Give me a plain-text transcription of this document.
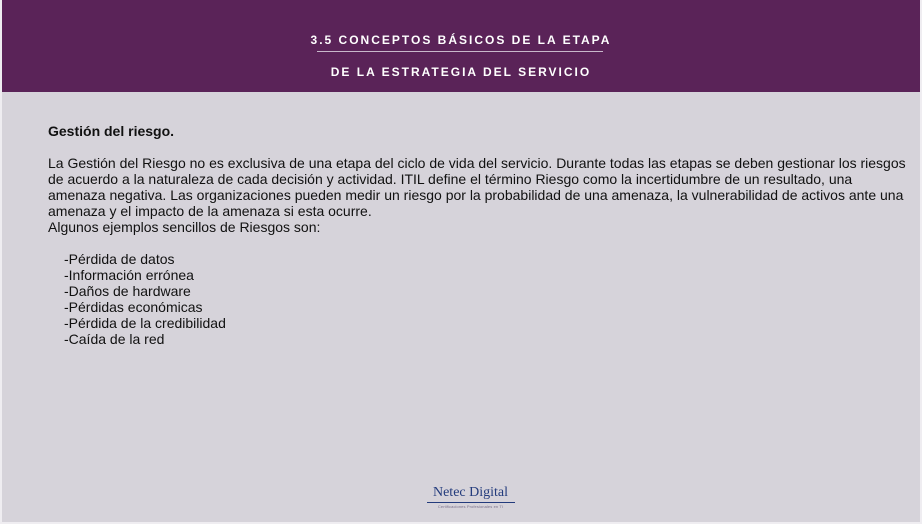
3.5 CONCEPTOS BÁSICOS DE LA ETAPA
DE LA ESTRATEGIA DEL SERVICIO
Gestión del riesgo.

La Gestión del Riesgo no es exclusiva de una etapa del ciclo de vida del servicio. Durante todas las etapas se deben gestionar los riesgos de acuerdo a la naturaleza de cada decisión y actividad. ITIL define el término Riesgo como la incertidumbre de un resultado, una amenaza negativa. Las organizaciones pueden medir un riesgo por la probabilidad de una amenaza, la vulnerabilidad de activos ante una amenaza y el impacto de la amenaza si esta ocurre.

Algunos ejemplos sencillos de Riesgos son:

-Pérdida de datos
-Información errónea
-Daños de hardware
-Pérdidas económicas
-Pérdida de la credibilidad
-Caída de la red
Netec Digital
Certificaciones Profesionales en TI
